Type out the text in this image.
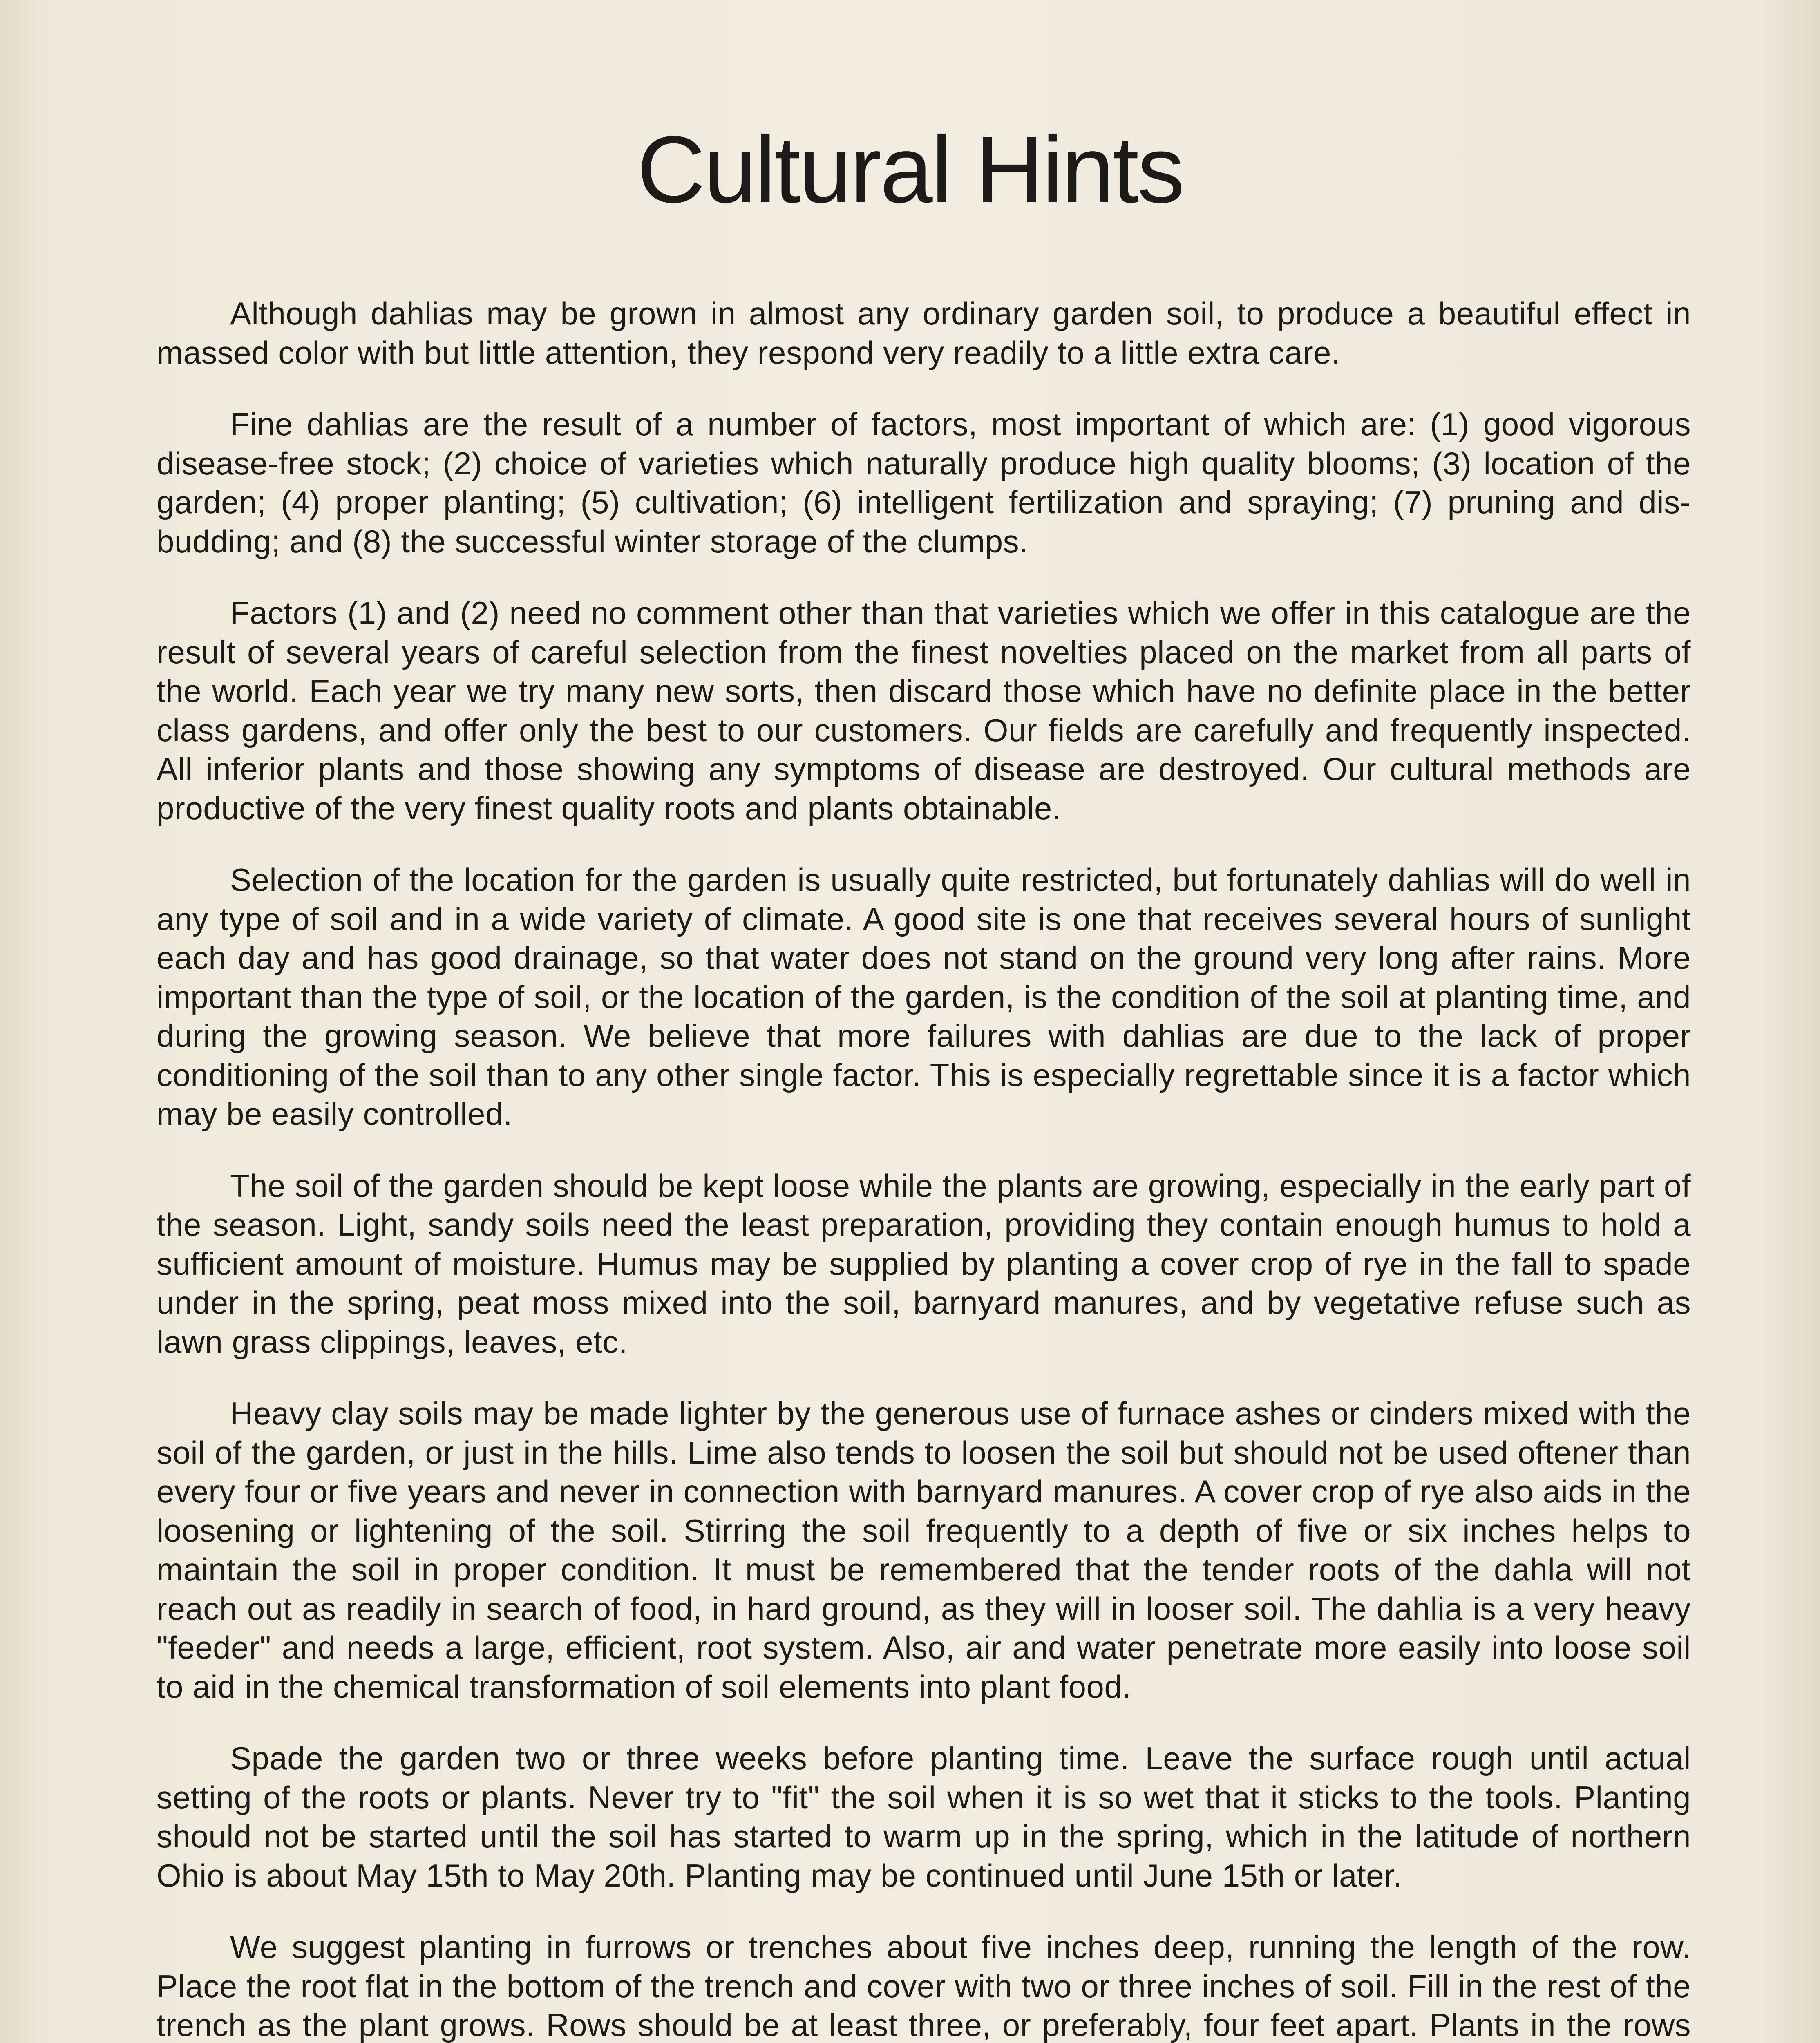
Cultural Hints

Although dahlias may be grown in almost any ordinary garden soil, to produce a beautiful effect in massed color with but little attention, they respond very readily to a little extra care.

Fine dahlias are the result of a number of factors, most important of which are: (1) good vigorous disease-free stock; (2) choice of varieties which naturally produce high quality blooms; (3) location of the garden; (4) proper planting; (5) cultivation; (6) intelligent fertilization and spraying; (7) pruning and dis-budding; and (8) the successful winter storage of the clumps.

Factors (1) and (2) need no comment other than that varieties which we offer in this catalogue are the result of several years of careful selection from the finest novelties placed on the market from all parts of the world. Each year we try many new sorts, then discard those which have no definite place in the better class gardens, and offer only the best to our customers. Our fields are carefully and frequently inspected. All inferior plants and those showing any symptoms of disease are destroyed. Our cultural methods are productive of the very finest quality roots and plants obtainable.

Selection of the location for the garden is usually quite restricted, but fortunately dahlias will do well in any type of soil and in a wide variety of climate. A good site is one that receives several hours of sunlight each day and has good drainage, so that water does not stand on the ground very long after rains. More important than the type of soil, or the location of the garden, is the condition of the soil at planting time, and during the growing season. We believe that more failures with dahlias are due to the lack of proper conditioning of the soil than to any other single factor. This is especially regrettable since it is a factor which may be easily controlled.

The soil of the garden should be kept loose while the plants are growing, especially in the early part of the season. Light, sandy soils need the least preparation, providing they contain enough humus to hold a sufficient amount of moisture. Humus may be supplied by planting a cover crop of rye in the fall to spade under in the spring, peat moss mixed into the soil, barnyard manures, and by vegetative refuse such as lawn grass clippings, leaves, etc.

Heavy clay soils may be made lighter by the generous use of furnace ashes or cinders mixed with the soil of the garden, or just in the hills. Lime also tends to loosen the soil but should not be used oftener than every four or five years and never in connection with barnyard manures. A cover crop of rye also aids in the loosening or lightening of the soil. Stirring the soil frequently to a depth of five or six inches helps to maintain the soil in proper condition. It must be remembered that the tender roots of the dahla will not reach out as readily in search of food, in hard ground, as they will in looser soil. The dahlia is a very heavy "feeder" and needs a large, efficient, root system. Also, air and water penetrate more easily into loose soil to aid in the chemical transformation of soil elements into plant food.

Spade the garden two or three weeks before planting time. Leave the surface rough until actual setting of the roots or plants. Never try to "fit" the soil when it is so wet that it sticks to the tools. Planting should not be started until the soil has started to warm up in the spring, which in the latitude of northern Ohio is about May 15th to May 20th. Planting may be continued until June 15th or later.

We suggest planting in furrows or trenches about five inches deep, running the length of the row. Place the root flat in the bottom of the trench and cover with two or three inches of soil. Fill in the rest of the trench as the plant grows. Rows should be at least three, or preferably, four feet apart. Plants in the rows
